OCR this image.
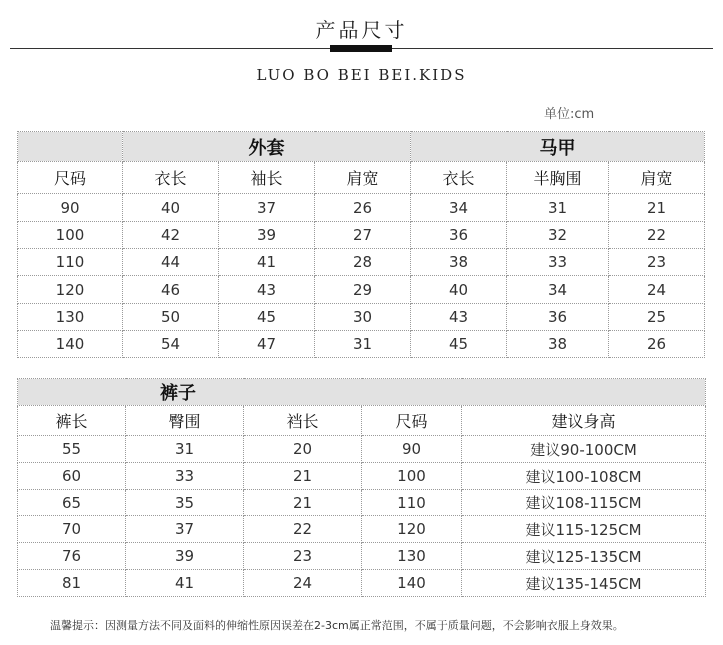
产品尺寸
LUO BO BEI BEI.KIDS
单位:cm
	外套			马甲		
尺码	衣长	袖长	肩宽	衣长	半胸围	肩宽
90	40	37	26	34	31	21
100	42	39	27	36	32	22
110	44	41	28	38	33	23
120	46	43	29	40	34	24
130	50	45	30	43	36	25
140	54	47	31	45	38	26
裤子				
裤长	臀围	裆长	尺码	建议身高
55	31	20	90	建议90-100CM
60	33	21	100	建议100-108CM
65	35	21	110	建议108-115CM
70	37	22	120	建议115-125CM
76	39	23	130	建议125-135CM
81	41	24	140	建议135-145CM
温馨提示：因测量方法不同及面料的伸缩性原因误差在2-3cm属正常范围，不属于质量问题，不会影响衣服上身效果。
